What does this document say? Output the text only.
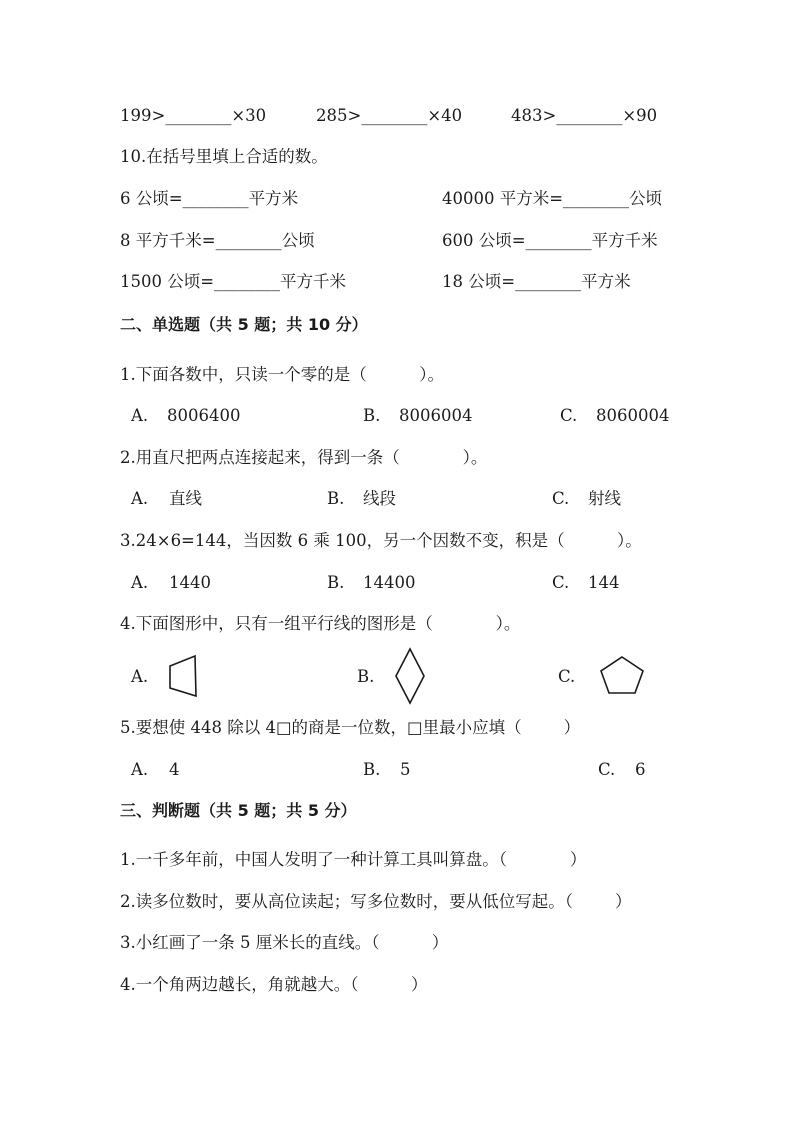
199>________×30	285>________×40	483>________×90
10.在括号里填上合适的数。
6 公顷=________平方米	40000 平方米=________公顷
8 平方千米=________公顷	600 公顷=________平方千米
1500 公顷=________平方千米	18 公顷=________平方米
二、单选题（共 5 题；共 10 分）
1.下面各数中，只读一个零的是（          ）。
A. 8006400	B. 8006004	C. 8060004
2.用直尺把两点连接起来，得到一条（            ）。
A. 直线	B. 线段	C. 射线
3.24×6=144，当因数 6 乘 100，另一个因数不变，积是（          ）。
A. 1440	B. 14400	C. 144
4.下面图形中，只有一组平行线的图形是（            ）。
A.	B.	C.
5.要想使 448 除以 4□的商是一位数，□里最小应填（        ）
A. 4	B. 5	C. 6
三、判断题（共 5 题；共 5 分）
1.一千多年前，中国人发明了一种计算工具叫算盘。（            ）
2.读多位数时，要从高位读起；写多位数时，要从低位写起。（        ）
3.小红画了一条 5 厘米长的直线。（          ）
4.一个角两边越长，角就越大。（          ）
